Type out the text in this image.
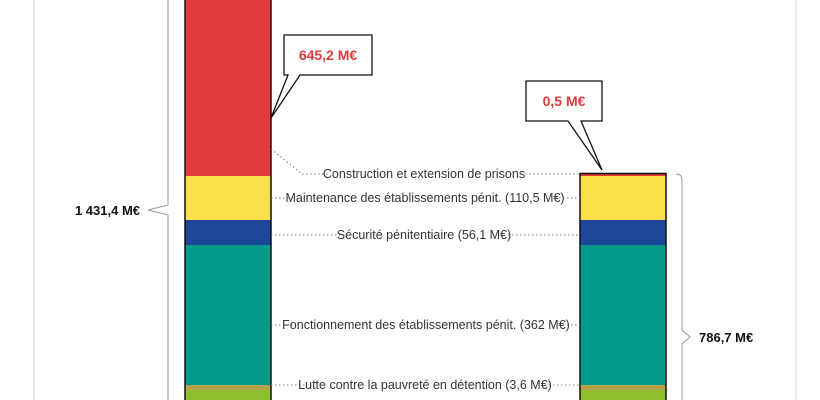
Construction et extension de prisons
Maintenance des établissements pénit. (110,5 M€)
Sécurité pénitentiaire (56,1 M€)
Fonctionnement des établissements pénit. (362 M€)
Lutte contre la pauvreté en détention (3,6 M€)
1 431,4 M€
786,7 M€
645,2 M€
0,5 M€
